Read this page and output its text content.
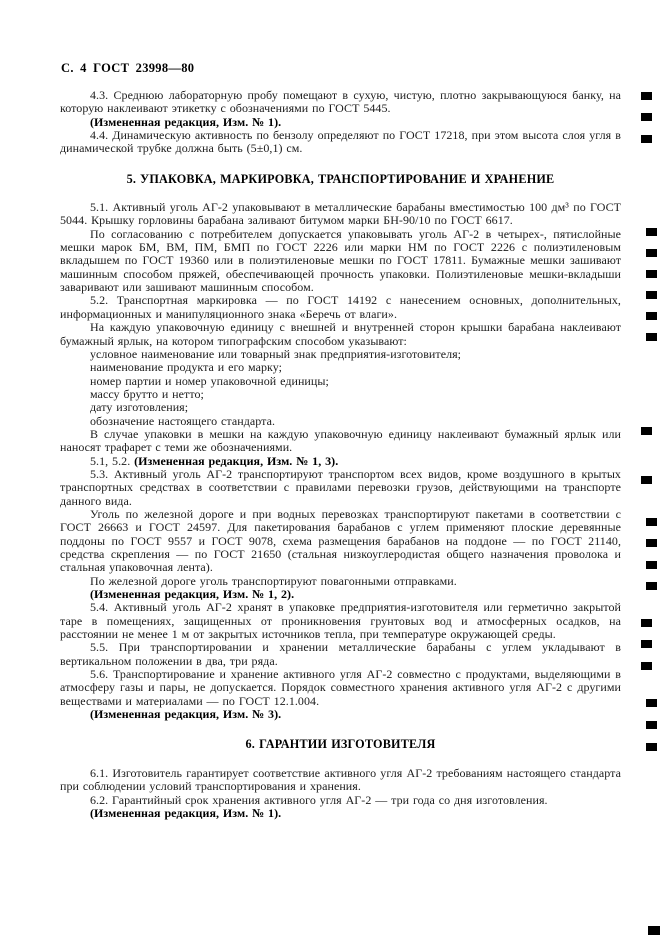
С. 4 ГОСТ 23998—80

4.3. Среднюю лабораторную пробу помещают в сухую, чистую, плотно закрывающуюся банку, на которую наклеивают этикетку с обозначениями по ГОСТ 5445.

(Измененная редакция, Изм. № 1).

4.4. Динамическую активность по бензолу определяют по ГОСТ 17218, при этом высота слоя угля в динамической трубке должна быть (5±0,1) см.

5. УПАКОВКА, МАРКИРОВКА, ТРАНСПОРТИРОВАНИЕ И ХРАНЕНИЕ

5.1. Активный уголь АГ-2 упаковывают в металлические барабаны вместимостью 100 дм³ по ГОСТ 5044. Крышку горловины барабана заливают битумом марки БН-90/10 по ГОСТ 6617.

По согласованию с потребителем допускается упаковывать уголь АГ-2 в четырех-, пятислойные мешки марок БМ, ВМ, ПМ, БМП по ГОСТ 2226 или марки НМ по ГОСТ 2226 с полиэтиленовым вкладышем по ГОСТ 19360 или в полиэтиленовые мешки по ГОСТ 17811. Бумажные мешки зашивают машинным способом пряжей, обеспечивающей прочность упаковки. Полиэтиленовые мешки-вкладыши заваривают или зашивают машинным способом.

5.2. Транспортная маркировка — по ГОСТ 14192 с нанесением основных, дополнительных, информационных и манипуляционного знака «Беречь от влаги».

На каждую упаковочную единицу с внешней и внутренней сторон крышки барабана наклеивают бумажный ярлык, на котором типографским способом указывают:

условное наименование или товарный знак предприятия-изготовителя;

наименование продукта и его марку;

номер партии и номер упаковочной единицы;

массу брутто и нетто;

дату изготовления;

обозначение настоящего стандарта.

В случае упаковки в мешки на каждую упаковочную единицу наклеивают бумажный ярлык или наносят трафарет с теми же обозначениями.

5.1, 5.2. (Измененная редакция, Изм. № 1, 3).

5.3. Активный уголь АГ-2 транспортируют транспортом всех видов, кроме воздушного в крытых транспортных средствах в соответствии с правилами перевозки грузов, действующими на транспорте данного вида.

Уголь по железной дороге и при водных перевозках транспортируют пакетами в соответствии с ГОСТ 26663 и ГОСТ 24597. Для пакетирования барабанов с углем применяют плоские деревянные поддоны по ГОСТ 9557 и ГОСТ 9078, схема размещения барабанов на поддоне — по ГОСТ 21140, средства скрепления — по ГОСТ 21650 (стальная низкоуглеродистая общего назначения проволока и стальная упаковочная лента).

По железной дороге уголь транспортируют повагонными отправками.

(Измененная редакция, Изм. № 1, 2).

5.4. Активный уголь АГ-2 хранят в упаковке предприятия-изготовителя или герметично закрытой таре в помещениях, защищенных от проникновения грунтовых вод и атмосферных осадков, на расстоянии не менее 1 м от закрытых источников тепла, при температуре окружающей среды.

5.5. При транспортировании и хранении металлические барабаны с углем укладывают в вертикальном положении в два, три ряда.

5.6. Транспортирование и хранение активного угля АГ-2 совместно с продуктами, выделяющими в атмосферу газы и пары, не допускается. Порядок совместного хранения активного угля АГ-2 с другими веществами и материалами — по ГОСТ 12.1.004.

(Измененная редакция, Изм. № 3).

6. ГАРАНТИИ ИЗГОТОВИТЕЛЯ

6.1. Изготовитель гарантирует соответствие активного угля АГ-2 требованиям настоящего стандарта при соблюдении условий транспортирования и хранения.

6.2. Гарантийный срок хранения активного угля АГ-2 — три года со дня изготовления.

(Измененная редакция, Изм. № 1).
